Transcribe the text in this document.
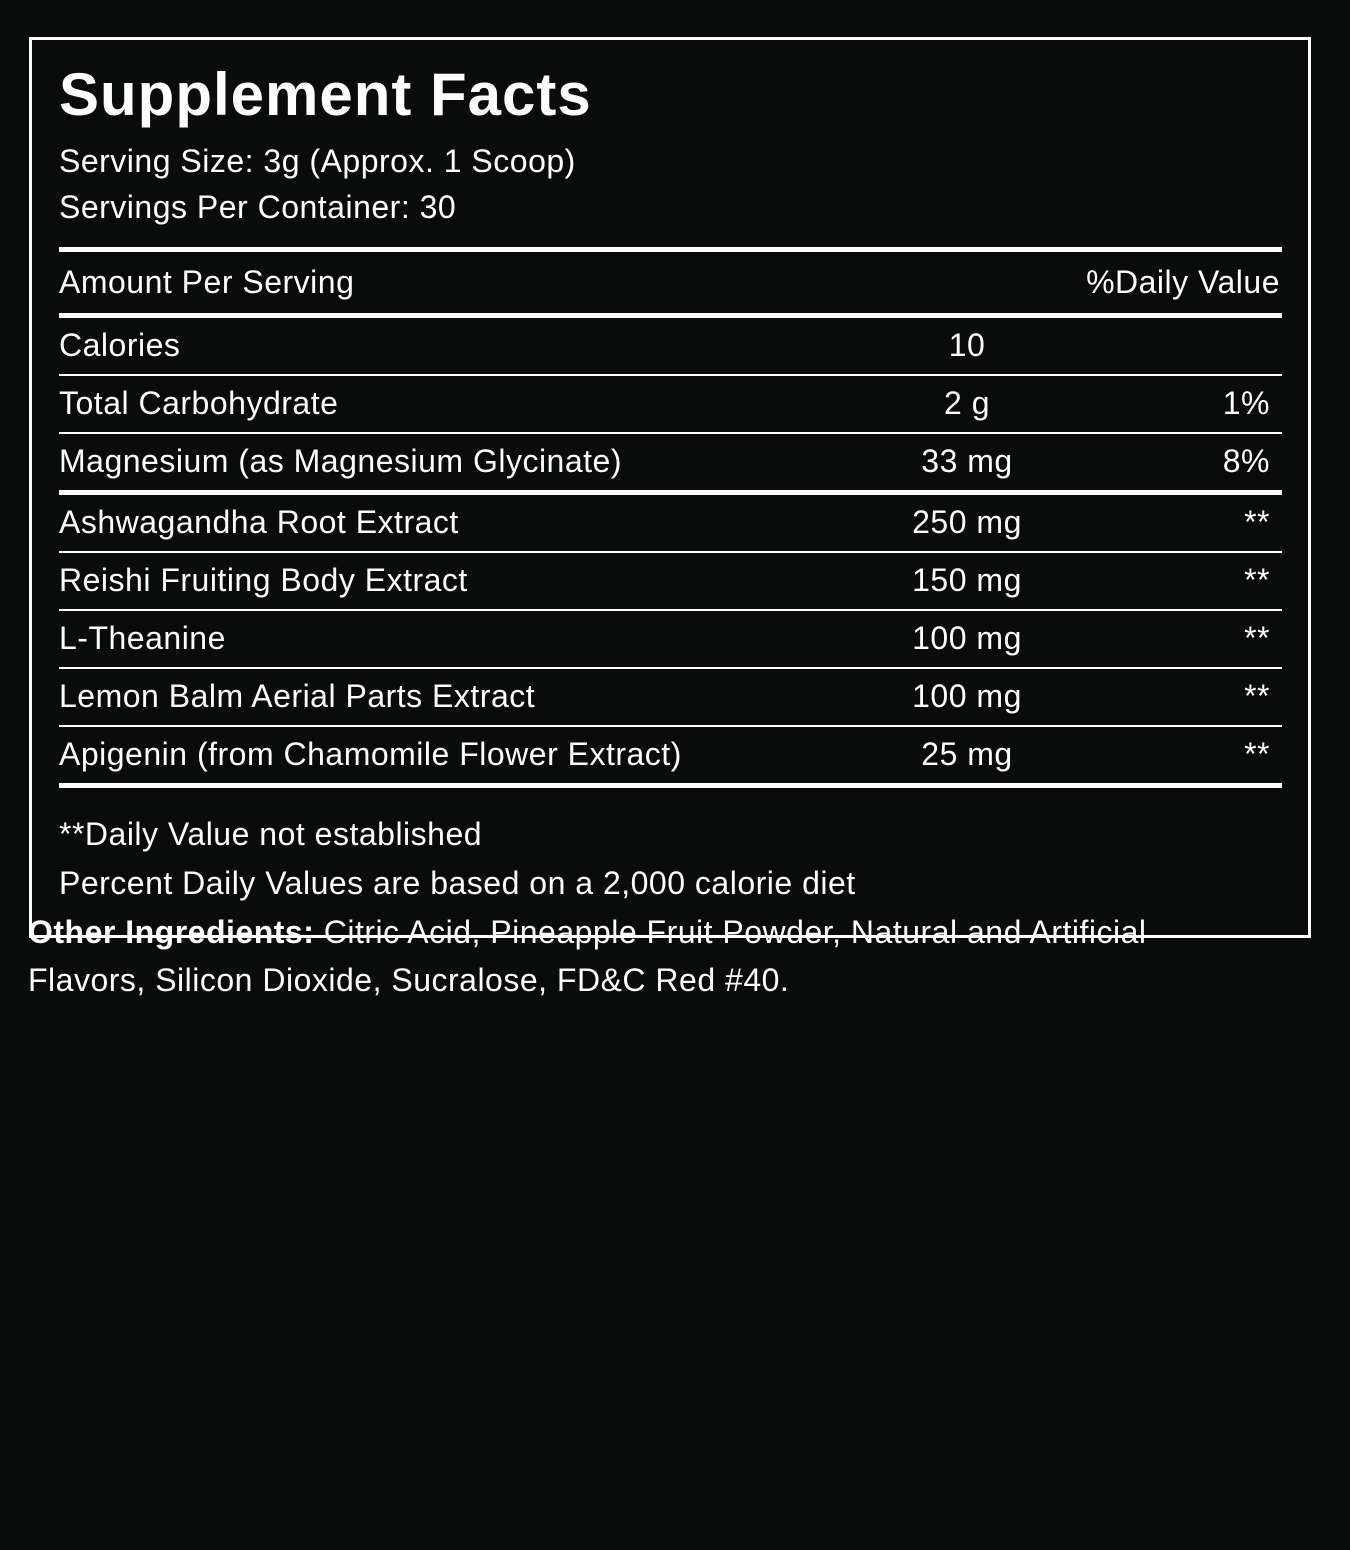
Supplement Facts
Serving Size: 3g (Approx. 1 Scoop)
Servings Per Container: 30
Amount Per Serving	%Daily Value
Calories	10
Total Carbohydrate	2 g	1%
Magnesium (as Magnesium Glycinate)	33 mg	8%
Ashwagandha Root Extract	250 mg	**
Reishi Fruiting Body Extract	150 mg	**
L-Theanine	100 mg	**
Lemon Balm Aerial Parts Extract	100 mg	**
Apigenin (from Chamomile Flower Extract)	25 mg	**
**Daily Value not established
Percent Daily Values are based on a 2,000 calorie diet
Other Ingredients: Citric Acid, Pineapple Fruit Powder, Natural and Artificial Flavors, Silicon Dioxide, Sucralose, FD&C Red #40.
